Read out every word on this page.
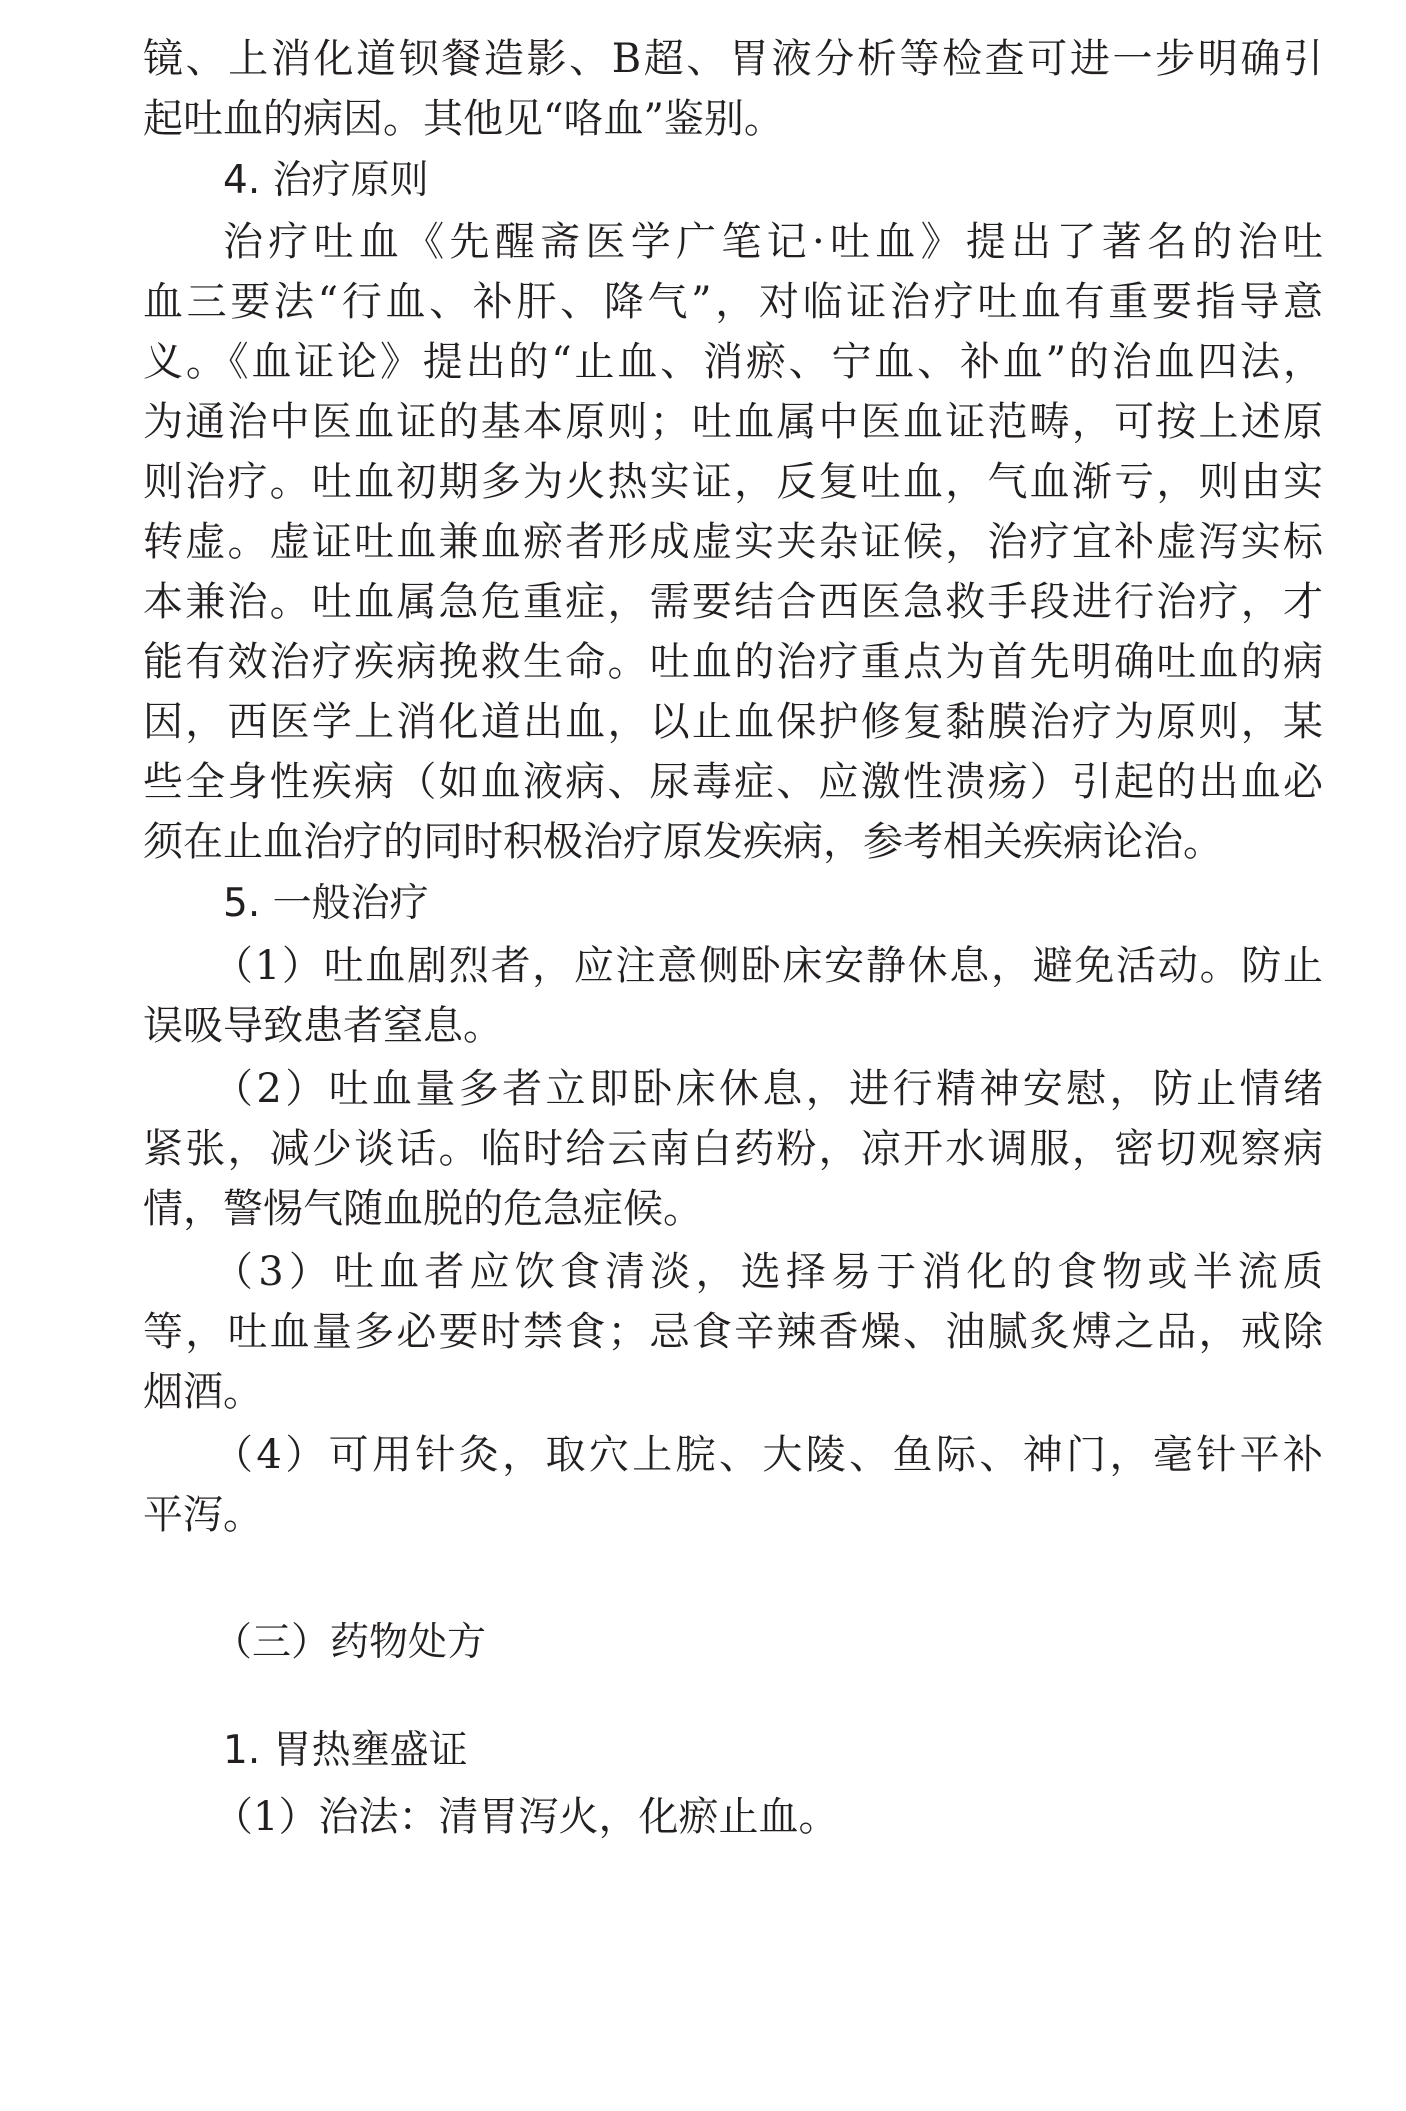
镜、上消化道钡餐造影、B超、胃液分析等检查可进一步明确引
起吐血的病因。其他见“咯血”鉴别。
4. 治疗原则
治疗吐血《先醒斋医学广笔记·吐血》提出了著名的治吐
血三要法“行血、补肝、降气”，对临证治疗吐血有重要指导意
义。《血证论》提出的“止血、消瘀、宁血、补血”的治血四法，
为通治中医血证的基本原则；吐血属中医血证范畴，可按上述原
则治疗。吐血初期多为火热实证，反复吐血，气血渐亏，则由实
转虚。虚证吐血兼血瘀者形成虚实夹杂证候，治疗宜补虚泻实标
本兼治。吐血属急危重症，需要结合西医急救手段进行治疗，才
能有效治疗疾病挽救生命。吐血的治疗重点为首先明确吐血的病
因，西医学上消化道出血，以止血保护修复黏膜治疗为原则，某
些全身性疾病（如血液病、尿毒症、应激性溃疡）引起的出血必
须在止血治疗的同时积极治疗原发疾病，参考相关疾病论治。
5. 一般治疗
（1）吐血剧烈者，应注意侧卧床安静休息，避免活动。防止
误吸导致患者窒息。
（2）吐血量多者立即卧床休息，进行精神安慰，防止情绪
紧张，减少谈话。临时给云南白药粉，凉开水调服，密切观察病
情，警惕气随血脱的危急症候。
（3）吐血者应饮食清淡，选择易于消化的食物或半流质
等，吐血量多必要时禁食；忌食辛辣香燥、油腻炙煿之品，戒除
烟酒。
（4）可用针灸，取穴上脘、大陵、鱼际、神门，毫针平补
平泻。
（三）药物处方
1. 胃热壅盛证
（1）治法：清胃泻火，化瘀止血。
